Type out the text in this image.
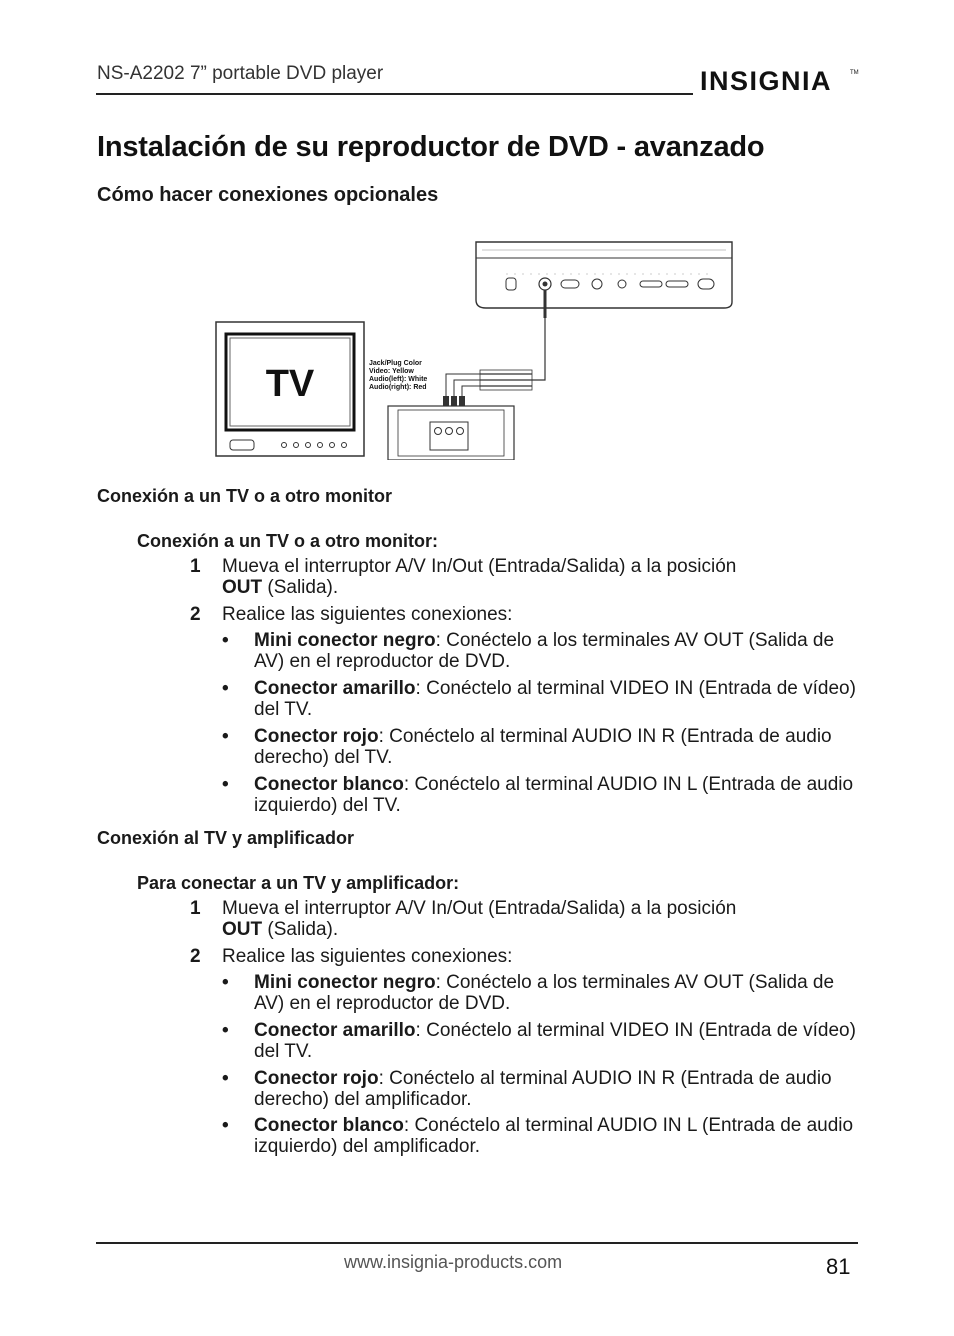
NS-A2202 7” portable DVD player	INSIGNIA	TM
Instalación de su reproductor de DVD - avanzado
Cómo hacer conexiones opcionales
TV	Jack/Plug Color
Video: Yellow
Audio(left): White
Audio(right): Red
Conexión a un TV o a otro monitor
Conexión a un TV o a otro monitor:
1	Mueva el interruptor A/V In/Out (Entrada/Salida) a la posición
OUT (Salida).
2	Realice las siguientes conexiones:
• Mini conector negro: Conéctelo a los terminales AV OUT (Salida de AV) en el reproductor de DVD.
• Conector amarillo: Conéctelo al terminal VIDEO IN (Entrada de vídeo) del TV.
• Conector rojo: Conéctelo al terminal AUDIO IN R (Entrada de audio derecho) del TV.
• Conector blanco: Conéctelo al terminal AUDIO IN L (Entrada de audio izquierdo) del TV.
Conexión al TV y amplificador
Para conectar a un TV y amplificador:
1	Mueva el interruptor A/V In/Out (Entrada/Salida) a la posición
OUT (Salida).
2	Realice las siguientes conexiones:
• Mini conector negro: Conéctelo a los terminales AV OUT (Salida de AV) en el reproductor de DVD.
• Conector amarillo: Conéctelo al terminal VIDEO IN (Entrada de vídeo) del TV.
• Conector rojo: Conéctelo al terminal AUDIO IN R (Entrada de audio derecho) del amplificador.
• Conector blanco: Conéctelo al terminal AUDIO IN L (Entrada de audio izquierdo) del amplificador.
www.insignia-products.com	81
